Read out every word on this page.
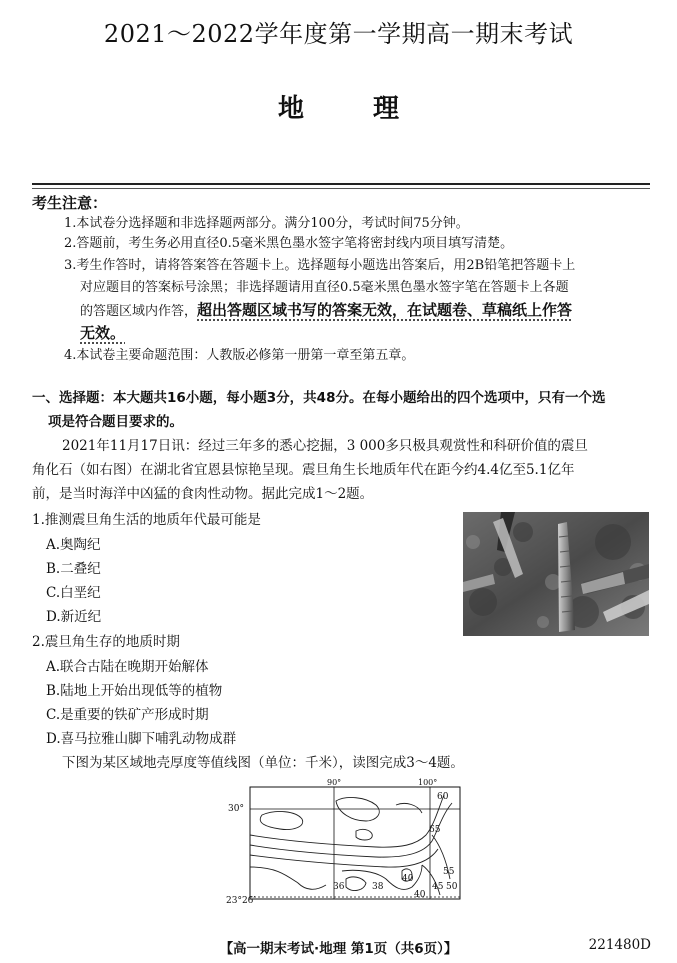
2021～2022学年度第一学期高一期末考试
地	理
考生注意：
1.本试卷分选择题和非选择题两部分。满分100分，考试时间75分钟。
2.答题前，考生务必用直径0.5毫米黑色墨水签字笔将密封线内项目填写清楚。
3.考生作答时，请将答案答在答题卡上。选择题每小题选出答案后，用2B铅笔把答题卡上
对应题目的答案标号涂黑；非选择题请用直径0.5毫米黑色墨水签字笔在答题卡上各题
的答题区域内作答，超出答题区域书写的答案无效，在试题卷、草稿纸上作答
无效。
4.本试卷主要命题范围：人教版必修第一册第一章至第五章。
一、选择题：本大题共16小题，每小题3分，共48分。在每小题给出的四个选项中，只有一个选
项是符合题目要求的。
2021年11月17日讯：经过三年多的悉心挖掘，3 000多只极具观赏性和科研价值的震旦
角化石（如右图）在湖北省宜恩县惊艳呈现。震旦角生长地质年代在距今约4.4亿至5.1亿年
前，是当时海洋中凶猛的食肉性动物。据此完成1～2题。
1.推测震旦角生活的地质年代最可能是
A.奥陶纪
B.二叠纪
C.白垩纪
D.新近纪
2.震旦角生存的地质时期
A.联合古陆在晚期开始解体
B.陆地上开始出现低等的植物
C.是重要的铁矿产形成时期
D.喜马拉雅山脚下哺乳动物成群
下图为某区域地壳厚度等值线图（单位：千米），读图完成3～4题。
90°	100°
30°
23°26′
60
65
55
50
45
40
38
36
40
【高一期末考试·地理 第1页（共6页）】	221480D
